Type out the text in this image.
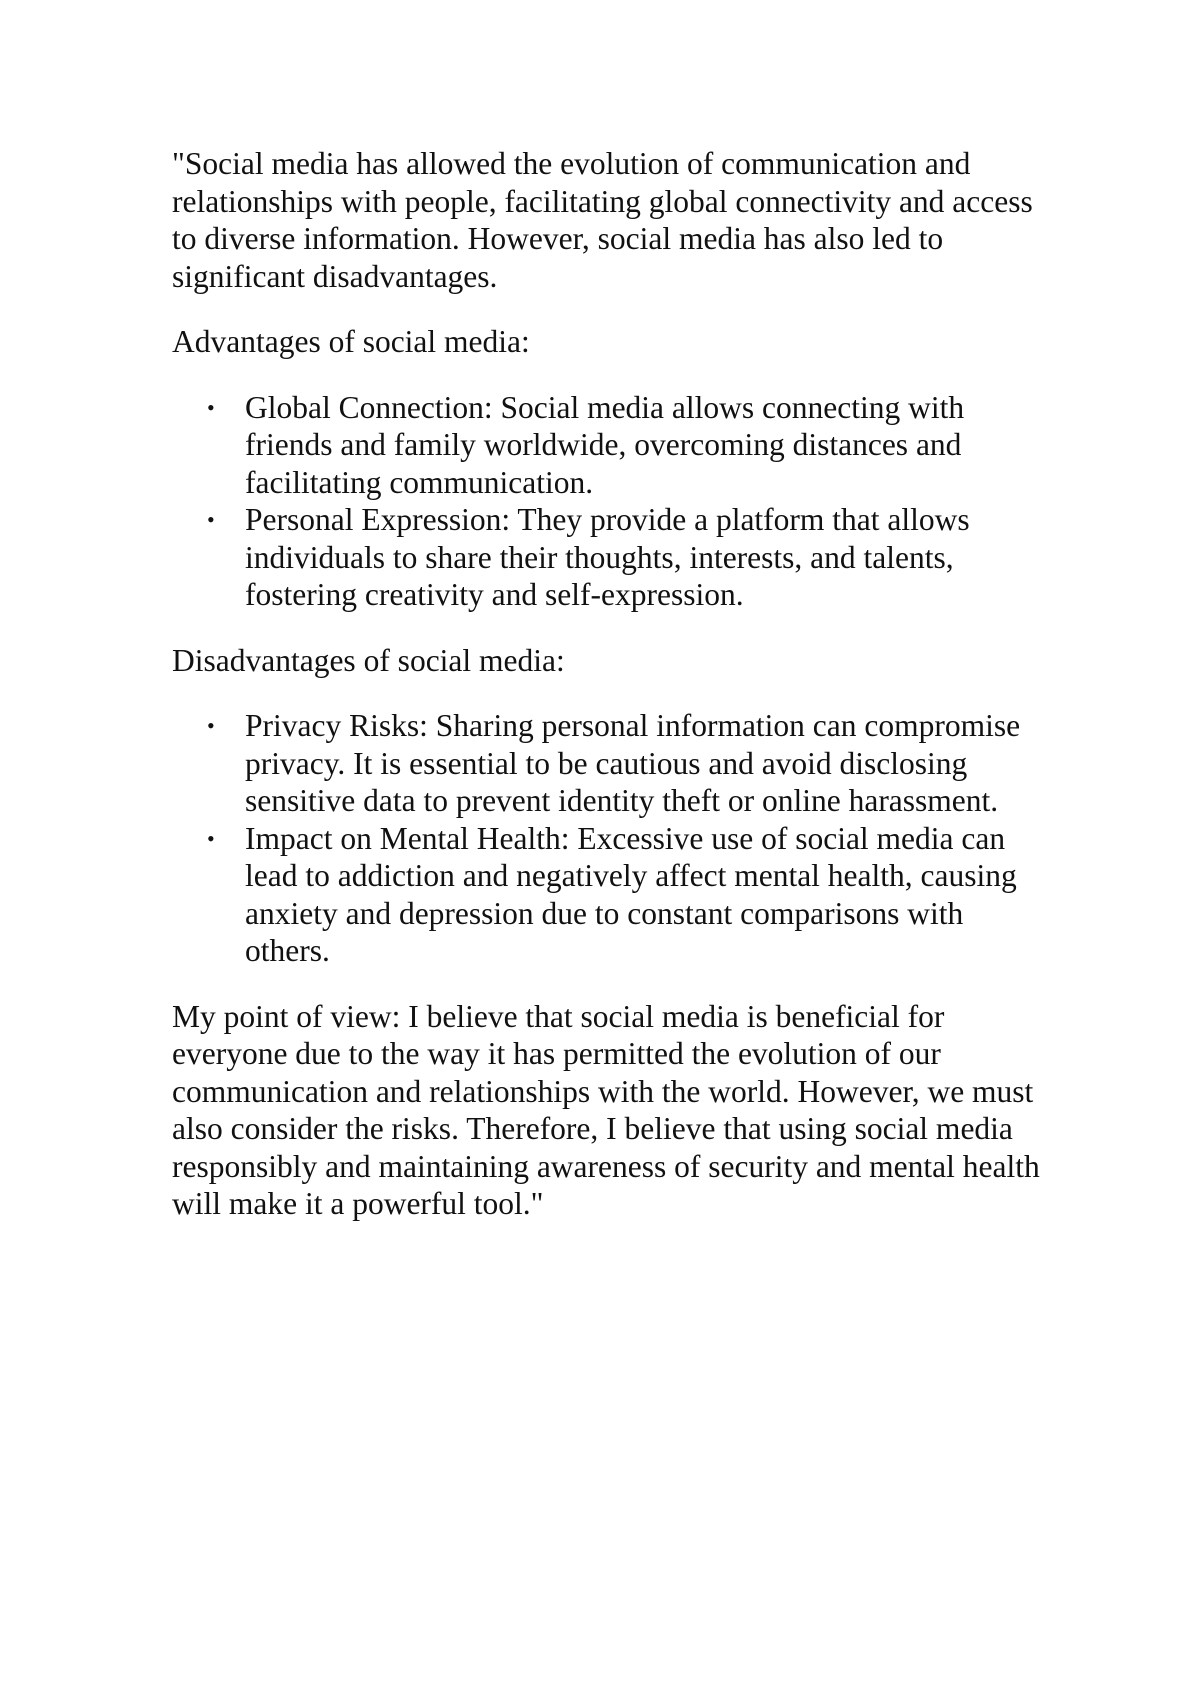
"Social media has allowed the evolution of communication and relationships with people, facilitating global connectivity and access to diverse information. However, social media has also led to significant disadvantages.

Advantages of social media:

• Global Connection: Social media allows connecting with friends and family worldwide, overcoming distances and facilitating communication.
• Personal Expression: They provide a platform that allows individuals to share their thoughts, interests, and talents, fostering creativity and self-expression.

Disadvantages of social media:

• Privacy Risks: Sharing personal information can compromise privacy. It is essential to be cautious and avoid disclosing sensitive data to prevent identity theft or online harassment.
• Impact on Mental Health: Excessive use of social media can lead to addiction and negatively affect mental health, causing anxiety and depression due to constant comparisons with others.

My point of view: I believe that social media is beneficial for everyone due to the way it has permitted the evolution of our communication and relationships with the world. However, we must also consider the risks. Therefore, I believe that using social media responsibly and maintaining awareness of security and mental health will make it a powerful tool."
